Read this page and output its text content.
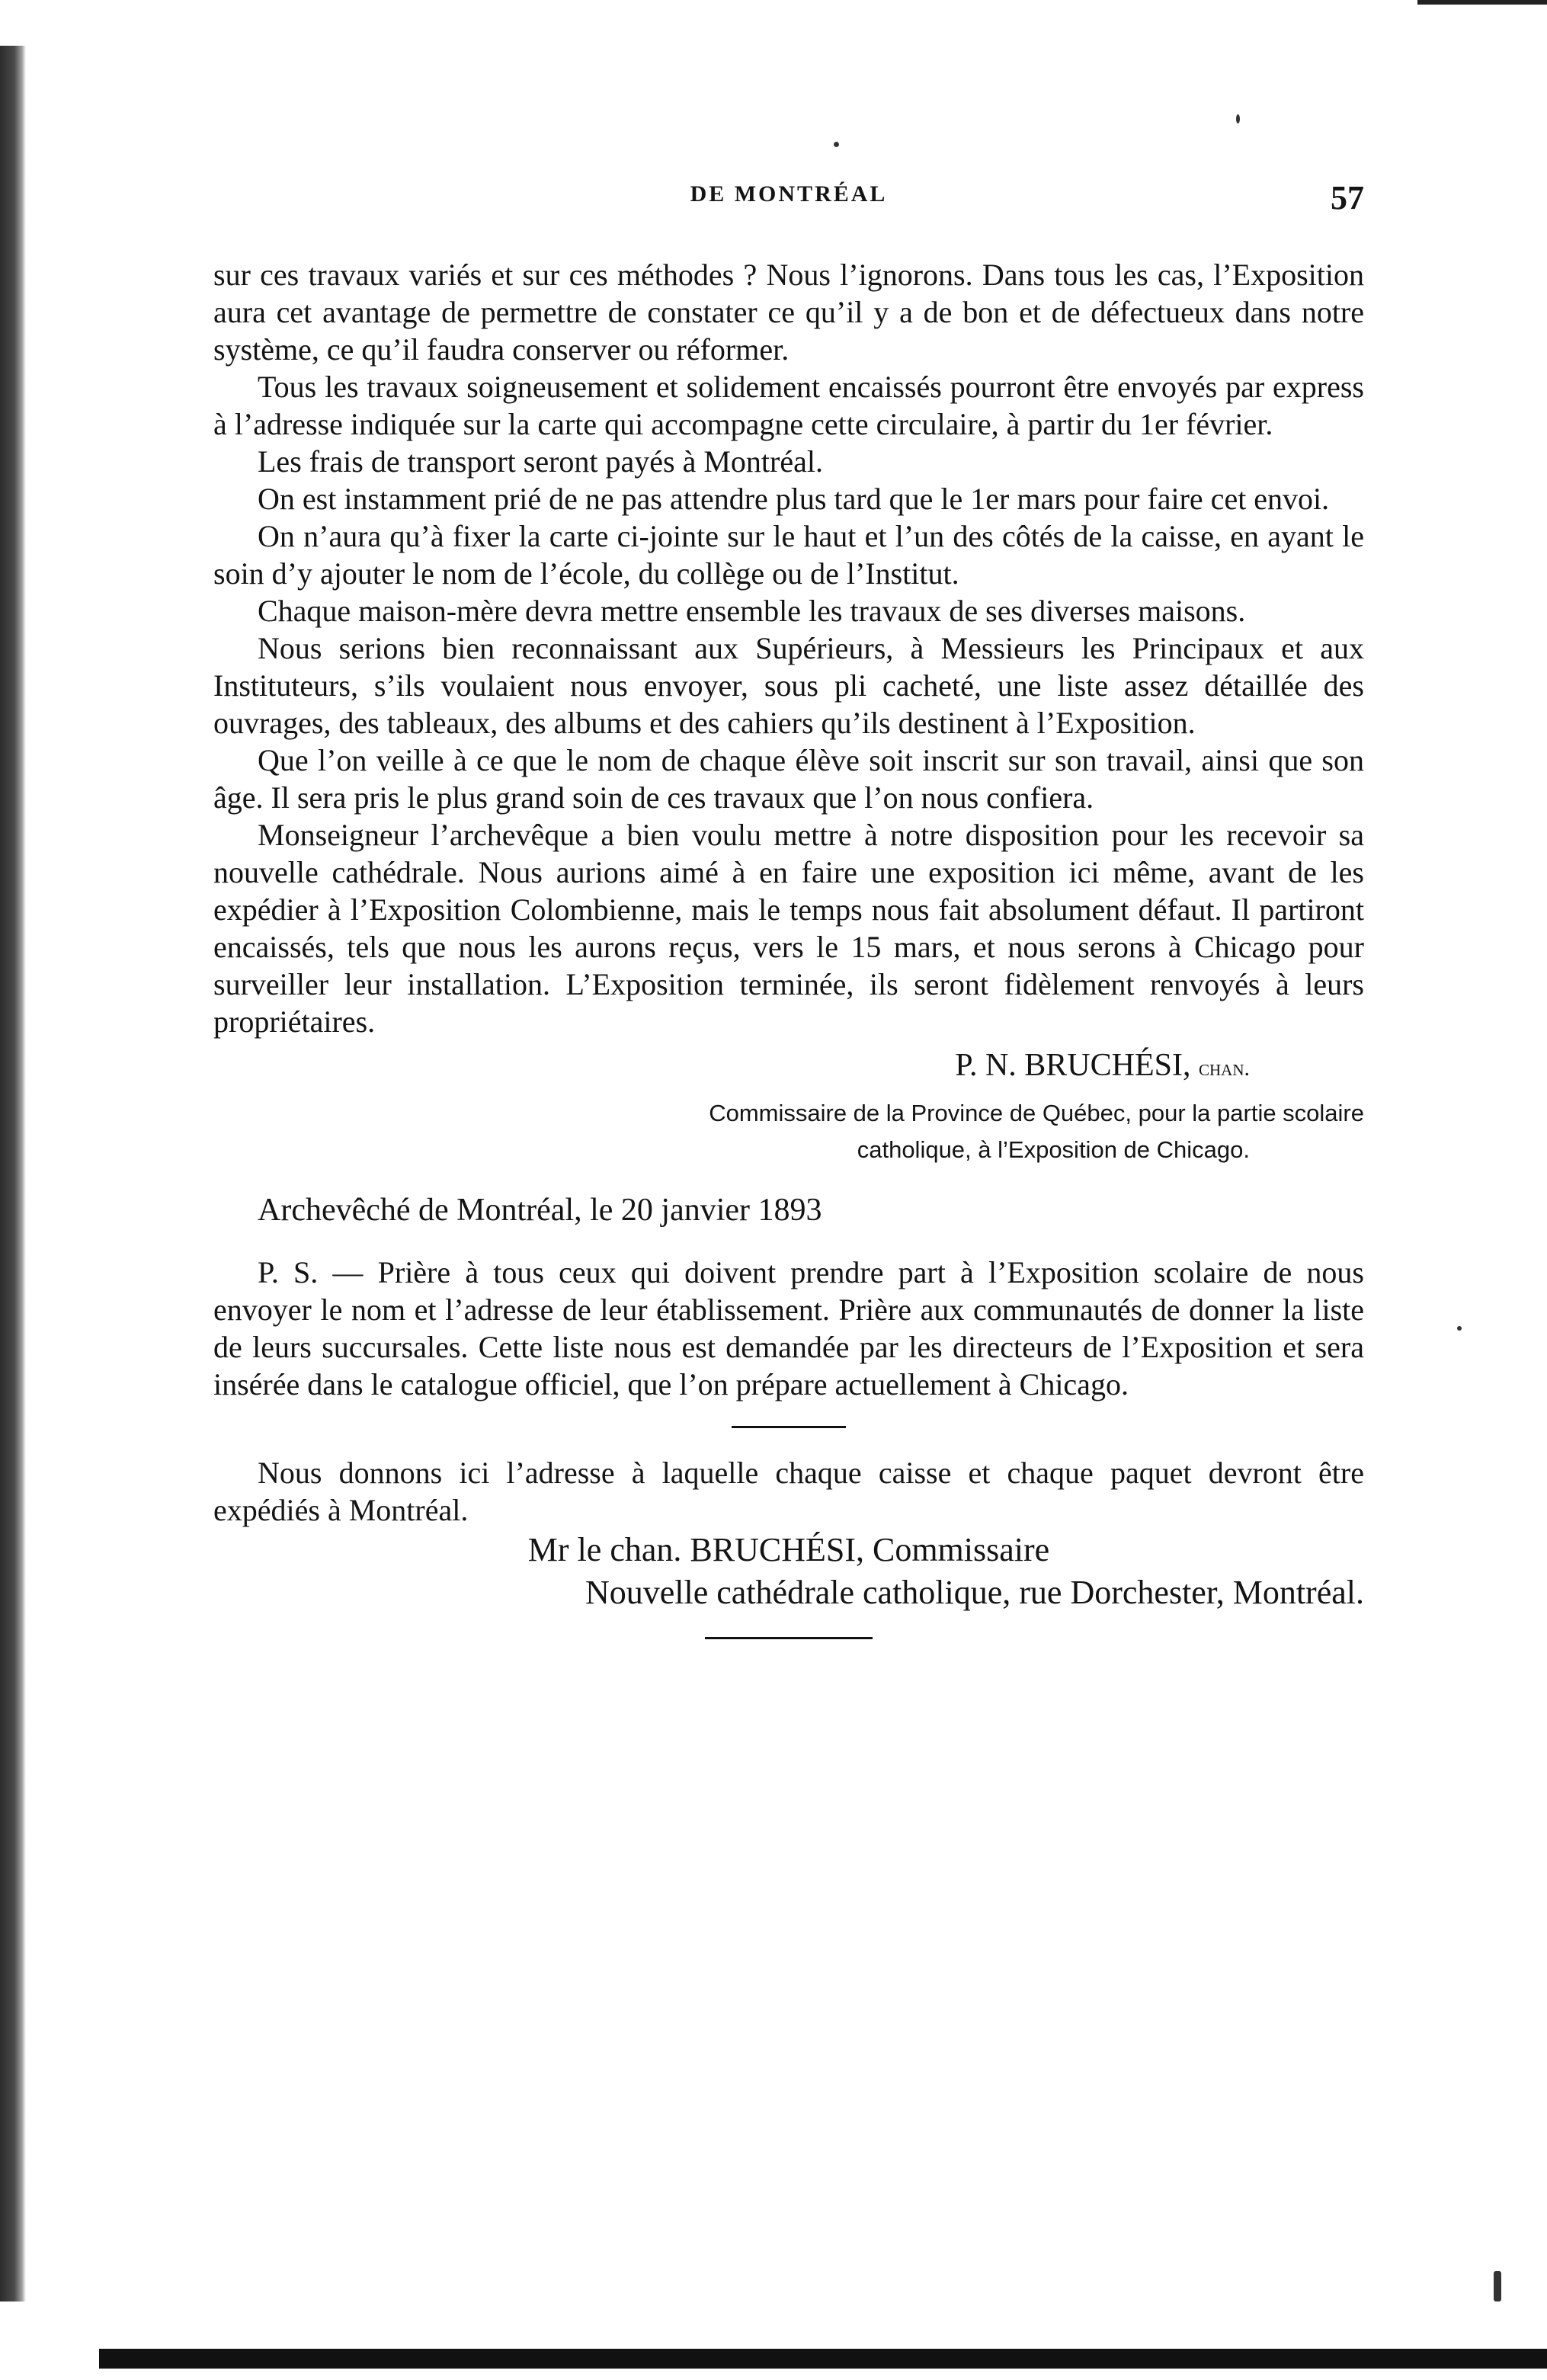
DE MONTRÉAL	57

sur ces travaux variés et sur ces méthodes ? Nous l’ignorons. Dans tous les cas, l’Exposition aura cet avantage de permettre de constater ce qu’il y a de bon et de défectueux dans notre système, ce qu’il faudra conserver ou réformer.

Tous les travaux soigneusement et solidement encaissés pourront être envoyés par express à l’adresse indiquée sur la carte qui accompagne cette circulaire, à partir du 1er février.

Les frais de transport seront payés à Montréal.

On est instamment prié de ne pas attendre plus tard que le 1er mars pour faire cet envoi.

On n’aura qu’à fixer la carte ci-jointe sur le haut et l’un des côtés de la caisse, en ayant le soin d’y ajouter le nom de l’école, du collège ou de l’Institut.

Chaque maison-mère devra mettre ensemble les travaux de ses diverses maisons.

Nous serions bien reconnaissant aux Supérieurs, à Messieurs les Principaux et aux Instituteurs, s’ils voulaient nous envoyer, sous pli cacheté, une liste assez détaillée des ouvrages, des tableaux, des albums et des cahiers qu’ils destinent à l’Exposition.

Que l’on veille à ce que le nom de chaque élève soit inscrit sur son travail, ainsi que son âge. Il sera pris le plus grand soin de ces travaux que l’on nous confiera.

Monseigneur l’archevêque a bien voulu mettre à notre disposition pour les recevoir sa nouvelle cathédrale. Nous aurions aimé à en faire une exposition ici même, avant de les expédier à l’Exposition Colombienne, mais le temps nous fait absolument défaut. Il partiront encaissés, tels que nous les aurons reçus, vers le 15 mars, et nous serons à Chicago pour surveiller leur installation. L’Exposition terminée, ils seront fidèlement renvoyés à leurs propriétaires.

P. N. BRUCHÉSI, chan.

Commissaire de la Province de Québec, pour la partie scolaire
catholique, à l’Exposition de Chicago.

Archevêché de Montréal, le 20 janvier 1893

P. S. — Prière à tous ceux qui doivent prendre part à l’Exposition scolaire de nous envoyer le nom et l’adresse de leur établissement. Prière aux communautés de donner la liste de leurs succursales. Cette liste nous est demandée par les directeurs de l’Exposition et sera insérée dans le catalogue officiel, que l’on prépare actuellement à Chicago.

Nous donnons ici l’adresse à laquelle chaque caisse et chaque paquet devront être expédiés à Montréal.

Mr le chan. BRUCHÉSI, Commissaire

Nouvelle cathédrale catholique, rue Dorchester, Montréal.
